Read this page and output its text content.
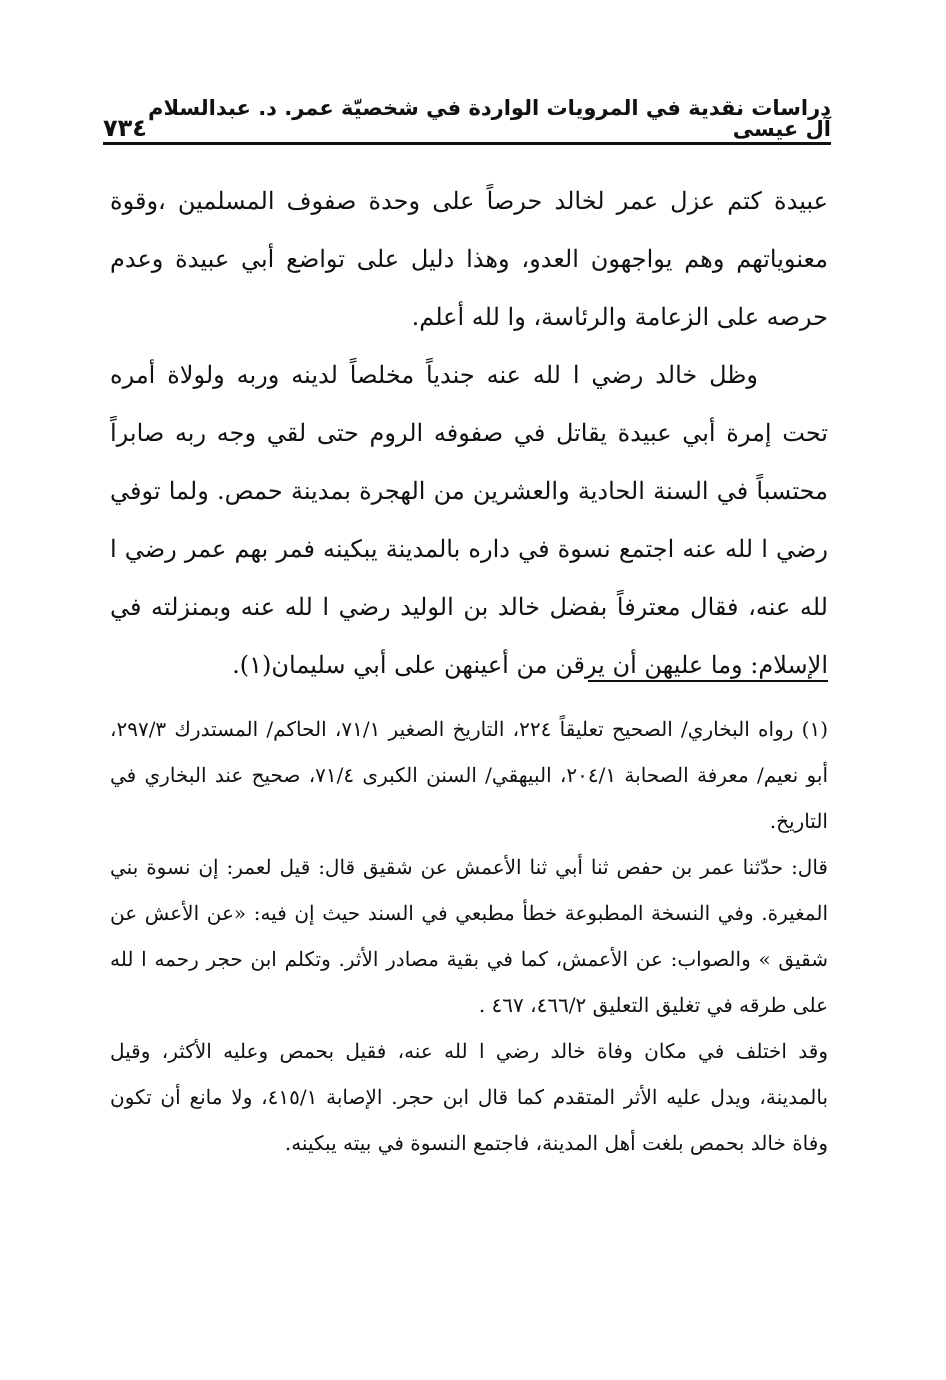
دراسات نقدية في المرويات الواردة في شخصيّة عمر. د. عبدالسلام آل عيسى
٧٣٤

عبيدة كتم عزل عمر لخالد حرصاً على وحدة صفوف المسلمين ،وقوة معنوياتهم وهم يواجهون العدو، وهذا دليل على تواضع أبي عبيدة وعدم حرصه على الزعامة والرئاسة، وا لله أعلم.

وظل خالد رضي ا لله عنه جندياً مخلصاً لدينه وربه ولولاة أمره تحت إمرة أبي عبيدة يقاتل في صفوفه الروم حتى لقي وجه ربه صابراً محتسباً في السنة الحادية والعشرين من الهجرة بمدينة حمص. ولما توفي رضي ا لله عنه اجتمع نسوة في داره بالمدينة يبكينه فمر بهم عمر رضي ا لله عنه، فقال معترفاً بفضل خالد بن الوليد رضي ا لله عنه وبمنزلته في الإسلام: وما عليهن أن يرقن من أعينهن على أبي سليمان(١).

(١) رواه البخاري/ الصحيح تعليقاً ٢٢٤، التاريخ الصغير ٧١/١، الحاكم/ المستدرك ٢٩٧/٣، أبو نعيم/ معرفة الصحابة ٢٠٤/١، البيهقي/ السنن الكبرى ٧١/٤، صحيح عند البخاري في التاريخ.

قال: حدّثنا عمر بن حفص ثنا أبي ثنا الأعمش عن شقيق قال: قيل لعمر: إن نسوة بني المغيرة. وفي النسخة المطبوعة خطأ مطبعي في السند حيث إن فيه: «عن الأعش عن شقيق » والصواب: عن الأعمش، كما في بقية مصادر الأثر. وتكلم ابن حجر رحمه ا لله على طرقه في تغليق التعليق ٤٦٦/٢، ٤٦٧ .

وقد اختلف في مكان وفاة خالد رضي ا لله عنه، فقيل بحمص وعليه الأكثر، وقيل بالمدينة، ويدل عليه الأثر المتقدم كما قال ابن حجر. الإصابة ٤١٥/١، ولا مانع أن تكون وفاة خالد بحمص بلغت أهل المدينة، فاجتمع النسوة في بيته يبكينه.
